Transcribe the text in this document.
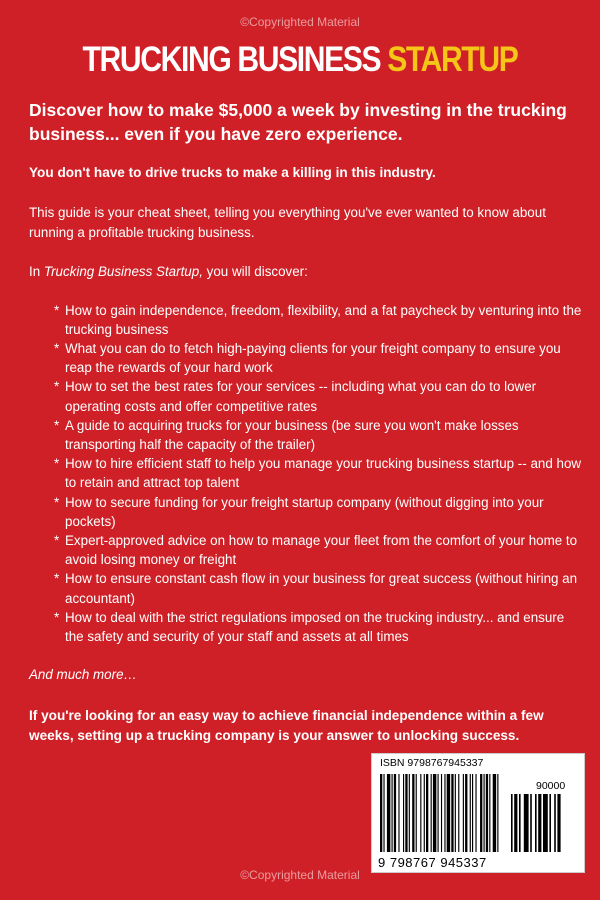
©Copyrighted Material
TRUCKING BUSINESS STARTUP

Discover how to make $5,000 a week by investing in the trucking business... even if you have zero experience.

You don't have to drive trucks to make a killing in this industry.

This guide is your cheat sheet, telling you everything you've ever wanted to know about running a profitable trucking business.

In Trucking Business Startup, you will discover:

* How to gain independence, freedom, flexibility, and a fat paycheck by venturing into the trucking business
* What you can do to fetch high-paying clients for your freight company to ensure you reap the rewards of your hard work
* How to set the best rates for your services -- including what you can do to lower operating costs and offer competitive rates
* A guide to acquiring trucks for your business (be sure you won't make losses transporting half the capacity of the trailer)
* How to hire efficient staff to help you manage your trucking business startup -- and how to retain and attract top talent
* How to secure funding for your freight startup company (without digging into your pockets)
* Expert-approved advice on how to manage your fleet from the comfort of your home to avoid losing money or freight
* How to ensure constant cash flow in your business for great success (without hiring an accountant)
* How to deal with the strict regulations imposed on the trucking industry... and ensure the safety and security of your staff and assets at all times

And much more…

If you're looking for an easy way to achieve financial independence within a few weeks, setting up a trucking company is your answer to unlocking success.

ISBN 9798767945337
90000
9 798767 945337
©Copyrighted Material
